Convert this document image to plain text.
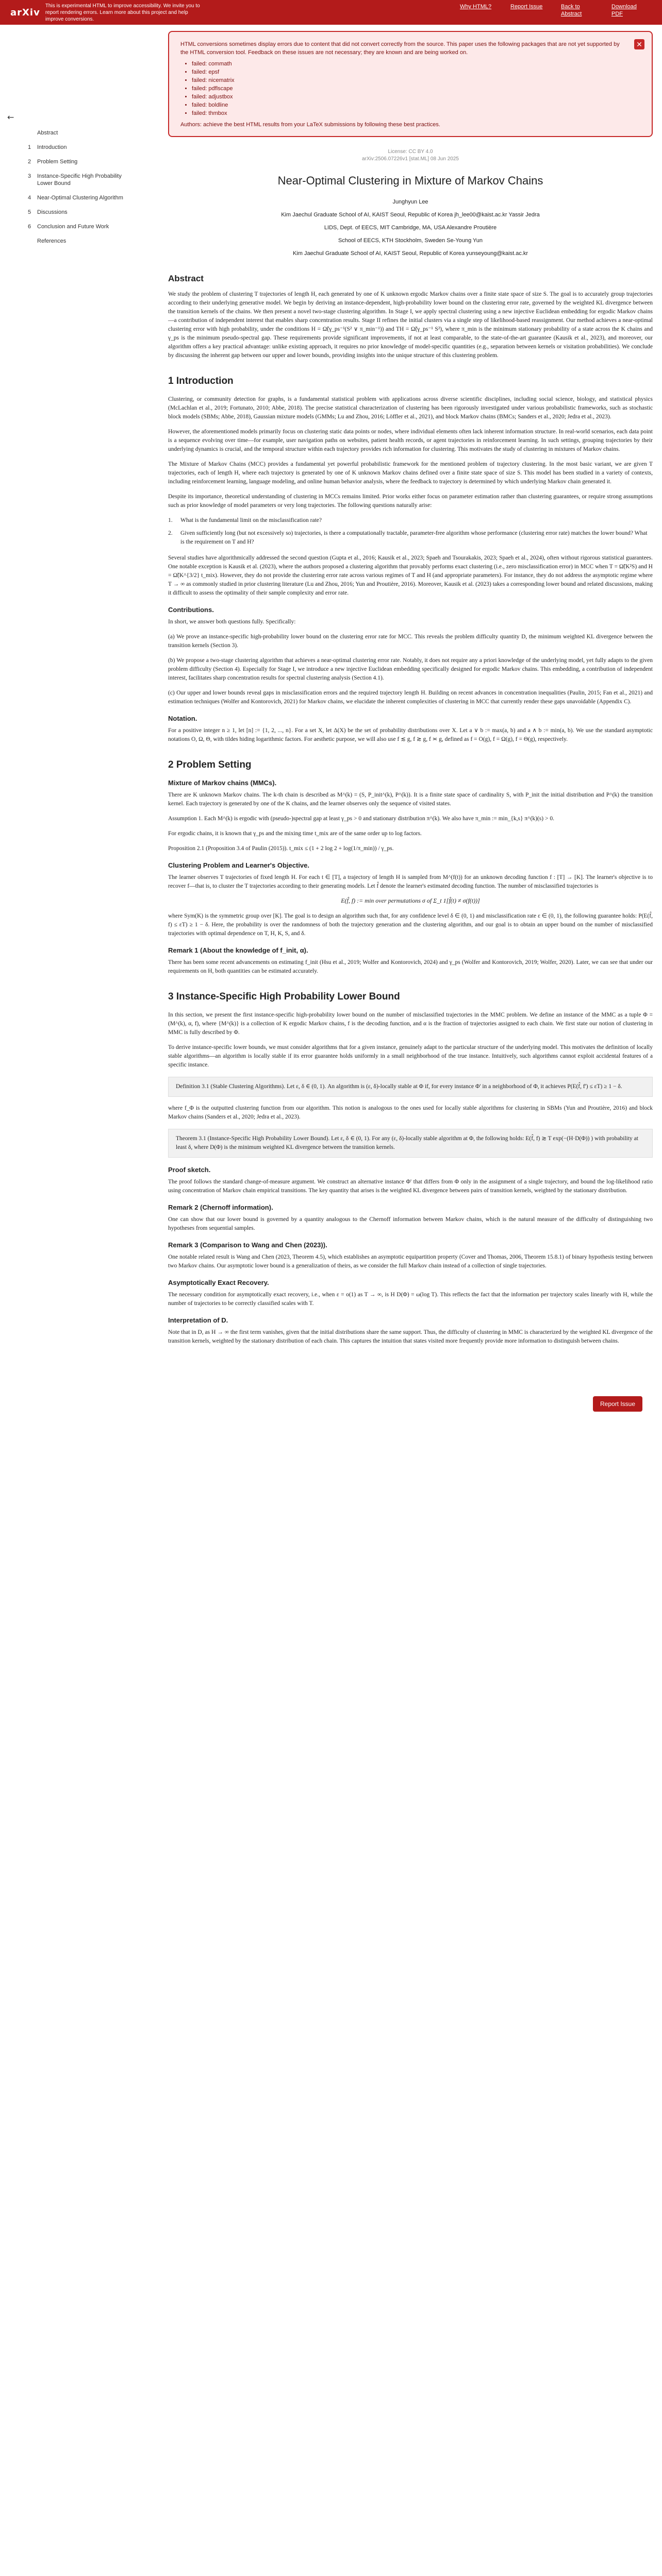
arXiv
This is experimental HTML to improve accessibility. We invite you to report rendering errors. Learn more about this project and help improve conversions.
Why HTML?	Report Issue	Back to Abstract
Download PDF
←
Abstract
1	Introduction
2	Problem Setting
3	Instance-Specific High Probability Lower Bound
4	Near-Optimal Clustering Algorithm
5	Discussions
6	Conclusion and Future Work
References
Report Issue
✕
HTML conversions sometimes display errors due to content that did not convert correctly from the source. This paper uses the following packages that are not yet supported by the HTML conversion tool. Feedback on these issues are not necessary; they are known and are being worked on.
• failed: commath
• failed: epsf
• failed: nicematrix
• failed: pdflscape
• failed: adjustbox
• failed: boldline
• failed: thmbox
Authors: achieve the best HTML results from your LaTeX submissions by following these best practices.
License: CC BY 4.0
arXiv:2506.07226v1 [stat.ML] 08 Jun 2025
Near-Optimal Clustering in Mixture of Markov Chains

Junghyun Lee

Kim Jaechul Graduate School of AI, KAIST Seoul, Republic of Korea jh_lee00@kaist.ac.kr Yassir Jedra

LIDS, Dept. of EECS, MIT Cambridge, MA, USA Alexandre Proutière

School of EECS, KTH Stockholm, Sweden Se-Young Yun

Kim Jaechul Graduate School of AI, KAIST Seoul, Republic of Korea yunseyoung@kaist.ac.kr

Abstract
We study the problem of clustering T trajectories of length H, each generated by one of K unknown ergodic Markov chains over a finite state space of size S. The goal is to accurately group trajectories according to their underlying generative model. We begin by deriving an instance-dependent, high-probability lower bound on the clustering error rate, governed by the weighted KL divergence between the transition kernels of the chains. We then present a novel two-stage clustering algorithm. In Stage I, we apply spectral clustering using a new injective Euclidean embedding for ergodic Markov chains—a contribution of independent interest that enables sharp concentration results. Stage II refines the initial clusters via a single step of likelihood-based reassignment. Our method achieves a near-optimal clustering error with high probability, under the conditions H = Ω̃(γ_ps⁻¹(S² ∨ π_min⁻¹)) and TH = Ω̃(γ_ps⁻¹ S²), where π_min is the minimum stationary probability of a state across the K chains and γ_ps is the minimum pseudo-spectral gap. These requirements provide significant improvements, if not at least comparable, to the state-of-the-art guarantee (Kausik et al., 2023), and moreover, our algorithm offers a key practical advantage: unlike existing approach, it requires no prior knowledge of model-specific quantities (e.g., separation between kernels or visitation probabilities). We conclude by discussing the inherent gap between our upper and lower bounds, providing insights into the unique structure of this clustering problem.
1 Introduction

Clustering, or community detection for graphs, is a fundamental statistical problem with applications across diverse scientific disciplines, including social science, biology, and statistical physics (McLachlan et al., 2019; Fortunato, 2010; Abbe, 2018). The precise statistical characterization of clustering has been rigorously investigated under various probabilistic frameworks, such as stochastic block models (SBMs; Abbe, 2018), Gaussian mixture models (GMMs; Lu and Zhou, 2016; Löffler et al., 2021), and block Markov chains (BMCs; Sanders et al., 2020; Jedra et al., 2023).

However, the aforementioned models primarily focus on clustering static data points or nodes, where individual elements often lack inherent information structure. In real-world scenarios, each data point is a sequence evolving over time—for example, user navigation paths on websites, patient health records, or agent trajectories in reinforcement learning. In such settings, grouping trajectories by their underlying dynamics is crucial, and the temporal structure within each trajectory provides rich information for clustering. This motivates the study of clustering in mixtures of Markov chains.

The Mixture of Markov Chains (MCC) provides a fundamental yet powerful probabilistic framework for the mentioned problem of trajectory clustering. In the most basic variant, we are given T trajectories, each of length H, where each trajectory is generated by one of K unknown Markov chains defined over a finite state space of size S. This model has been studied in a variety of contexts, including reinforcement learning, language modeling, and online human behavior analysis, where the feedback to trajectory is determined by which underlying Markov chain generated it.

Despite its importance, theoretical understanding of clustering in MCCs remains limited. Prior works either focus on parameter estimation rather than clustering guarantees, or require strong assumptions such as prior knowledge of model parameters or very long trajectories. The following questions naturally arise:

1.	What is the fundamental limit on the misclassification rate?
2.	Given sufficiently long (but not excessively so) trajectories, is there a computationally tractable, parameter-free algorithm whose performance (clustering error rate) matches the lower bound? What is the requirement on T and H?

Several studies have algorithmically addressed the second question (Gupta et al., 2016; Kausik et al., 2023; Spaeh and Tsourakakis, 2023; Spaeh et al., 2024), often without rigorous statistical guarantees. One notable exception is Kausik et al. (2023), where the authors proposed a clustering algorithm that provably performs exact clustering (i.e., zero misclassification error) in MCC when T = Ω̃(K²S) and H = Ω̃(K^{3/2} t_mix). However, they do not provide the clustering error rate across various regimes of T and H (and appropriate parameters). For instance, they do not address the asymptotic regime where T → ∞ as commonly studied in prior clustering literature (Lu and Zhou, 2016; Yun and Proutière, 2016). Moreover, Kausik et al. (2023) takes a corresponding lower bound and related discussions, making it difficult to assess the optimality of their sample complexity and error rate.

Contributions.

In short, we answer both questions fully. Specifically:

(a) We prove an instance-specific high-probability lower bound on the clustering error rate for MCC. This reveals the problem difficulty quantity D, the minimum weighted KL divergence between the transition kernels (Section 3).

(b) We propose a two-stage clustering algorithm that achieves a near-optimal clustering error rate. Notably, it does not require any a priori knowledge of the underlying model, yet fully adapts to the given problem difficulty (Section 4). Especially for Stage I, we introduce a new injective Euclidean embedding specifically designed for ergodic Markov chains. This embedding, a contribution of independent interest, facilitates sharp concentration results for spectral clustering analysis (Section 4.1).

(c) Our upper and lower bounds reveal gaps in misclassification errors and the required trajectory length H. Building on recent advances in concentration inequalities (Paulin, 2015; Fan et al., 2021) and estimation techniques (Wolfer and Kontorovich, 2021) for Markov chains, we elucidate the inherent complexities of clustering in MCC that currently render these gaps unavoidable (Appendix C).

Notation.

For a positive integer n ≥ 1, let [n] := {1, 2, ..., n}. For a set X, let Δ(X) be the set of probability distributions over X. Let a ∨ b := max(a, b) and a ∧ b := min(a, b). We use the standard asymptotic notations O, Ω, Θ, with tildes hiding logarithmic factors. For aesthetic purpose, we will also use f ≲ g, f ≳ g, f ≍ g, defined as f = O(g), f = Ω(g), f = Θ(g), respectively.

2 Problem Setting
Mixture of Markov chains (MMCs).

There are K unknown Markov chains. The k-th chain is described as M^(k) = (S, P_init^(k), P^(k)). It is a finite state space of cardinality S, with P_init the initial distribution and P^(k) the transition kernel. Each trajectory is generated by one of the K chains, and the learner observes only the sequence of visited states.

Assumption 1. Each M^(k) is ergodic with (pseudo-)spectral gap at least γ_ps > 0 and stationary distribution π^(k). We also have π_min := min_{k,s} π^(k)(s) > 0.

For ergodic chains, it is known that γ_ps and the mixing time t_mix are of the same order up to log factors.

Proposition 2.1 (Proposition 3.4 of Paulin (2015)). t_mix ≤ (1 + 2 log 2 + log(1/π_min)) / γ_ps.

Clustering Problem and Learner's Objective.

The learner observes T trajectories of fixed length H. For each t ∈ [T], a trajectory of length H is sampled from M^(f(t)) for an unknown decoding function f : [T] → [K]. The learner's objective is to recover f—that is, to cluster the T trajectories according to their generating models. Let f̂ denote the learner's estimated decoding function. The number of misclassified trajectories is

E(f̂, f) := min over permutations σ of Σ_t 1[f̂(t) ≠ σ(f(t))]

where Sym(K) is the symmetric group over [K]. The goal is to design an algorithm such that, for any confidence level δ ∈ (0, 1) and misclassification rate ε ∈ (0, 1), the following guarantee holds: P(E(f̂, f) ≤ εT) ≥ 1 − δ. Here, the probability is over the randomness of both the trajectory generation and the clustering algorithm, and our goal is to obtain an upper bound on the number of misclassified trajectories with optimal dependence on T, H, K, S, and δ.

Remark 1 (About the knowledge of f_init, α).

There has been some recent advancements on estimating f_init (Hsu et al., 2019; Wolfer and Kontorovich, 2024) and γ_ps (Wolfer and Kontorovich, 2019; Wolfer, 2020). Later, we can see that under our requirements on H, both quantities can be estimated accurately.

3 Instance-Specific High Probability Lower Bound

In this section, we present the first instance-specific high-probability lower bound on the number of misclassified trajectories in the MMC problem. We define an instance of the MMC as a tuple Φ = (M^(k), α, f), where {M^(k)} is a collection of K ergodic Markov chains, f is the decoding function, and α is the fraction of trajectories assigned to each chain. We first state our notion of clustering in MMC is fully described by Φ.

To derive instance-specific lower bounds, we must consider algorithms that for a given instance, genuinely adapt to the particular structure of the underlying model. This motivates the definition of locally stable algorithms—an algorithm is locally stable if its error guarantee holds uniformly in a small neighborhood of the true instance. Intuitively, such algorithms cannot exploit accidental features of a specific instance.

Definition 3.1 (Stable Clustering Algorithms). Let ε, δ ∈ (0, 1). An algorithm is (ε, δ)-locally stable at Φ if, for every instance Φ' in a neighborhood of Φ, it achieves P(E(f̂, f') ≤ εT) ≥ 1 − δ.

where f_Φ is the outputted clustering function from our algorithm. This notion is analogous to the ones used for locally stable algorithms for clustering in SBMs (Yun and Proutière, 2016) and block Markov chains (Sanders et al., 2020; Jedra et al., 2023).

Theorem 3.1 (Instance-Specific High Probability Lower Bound). Let ε, δ ∈ (0, 1). For any (ε, δ)-locally stable algorithm at Φ, the following holds: E(f̂, f) ≳ T exp(−(H·D(Φ)) ) with probability at least δ, where D(Φ) is the minimum weighted KL divergence between the transition kernels.
Proof sketch.

The proof follows the standard change-of-measure argument. We construct an alternative instance Φ' that differs from Φ only in the assignment of a single trajectory, and bound the log-likelihood ratio using concentration of Markov chain empirical transitions. The key quantity that arises is the weighted KL divergence between pairs of transition kernels, weighted by the stationary distribution.

Remark 2 (Chernoff information).

One can show that our lower bound is governed by a quantity analogous to the Chernoff information between Markov chains, which is the natural measure of the difficulty of distinguishing two hypotheses from sequential samples.

Remark 3 (Comparison to Wang and Chen (2023)).

One notable related result is Wang and Chen (2023, Theorem 4.5), which establishes an asymptotic equipartition property (Cover and Thomas, 2006, Theorem 15.8.1) of binary hypothesis testing between two Markov chains. Our asymptotic lower bound is a generalization of theirs, as we consider the full Markov chain instead of a collection of single trajectories.

Asymptotically Exact Recovery.

The necessary condition for asymptotically exact recovery, i.e., when ε = o(1) as T → ∞, is H D(Φ) = ω(log T). This reflects the fact that the information per trajectory scales linearly with H, while the number of trajectories to be correctly classified scales with T.

Interpretation of D.

Note that in D, as H → ∞ the first term vanishes, given that the initial distributions share the same support. Thus, the difficulty of clustering in MMC is characterized by the weighted KL divergence of the transition kernels, weighted by the stationary distribution of each chain. This captures the intuition that states visited more frequently provide more information to distinguish between chains.
